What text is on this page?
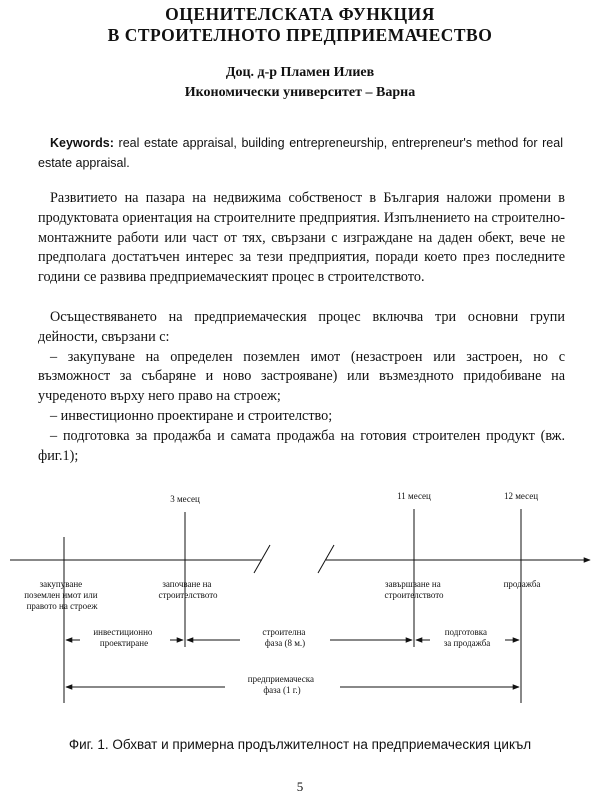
ОЦЕНИТЕЛСКАТА ФУНКЦИЯ
В СТРОИТЕЛНОТО ПРЕДПРИЕМАЧЕСТВО
Доц. д-р Пламен Илиев
Икономически университет – Варна
Keywords: real estate appraisal, building entrepreneurship, entrepreneur's method for real estate appraisal.

Развитието на пазара на недвижима собственост в България наложи промени в продуктовата ориентация на строителните предприятия. Изпълнението на строително-монтажните работи или част от тях, свързани с изграждане на даден обект, вече не предполага достатъчен интерес за тези предприятия, поради което през последните години се развива предприемаческият процес в строителството.

Осъществяването на предприемаческия процес включва три основни групи дейности, свързани с:

– закупуване на определен поземлен имот (незастроен или застроен, но с възможност за събаряне и ново застрояване) или възмездното придобиване на учреденото върху него право на строеж;

– инвестиционно проектиране и строителство;

– подготовка за продажба и самата продажба на готовия строителен продукт (вж. фиг.1);

3 месец	11 месец	12 месец
закупуване поземлен имот или правото на строеж
започване на строителството
завършване на строителството
продажба
инвестиционно проектиране
строителна фаза (8 м.)
подготовка за продажба
предприемаческа фаза (1 г.)
Фиг. 1. Обхват и примерна продължителност на предприемаческия цикъл
5
